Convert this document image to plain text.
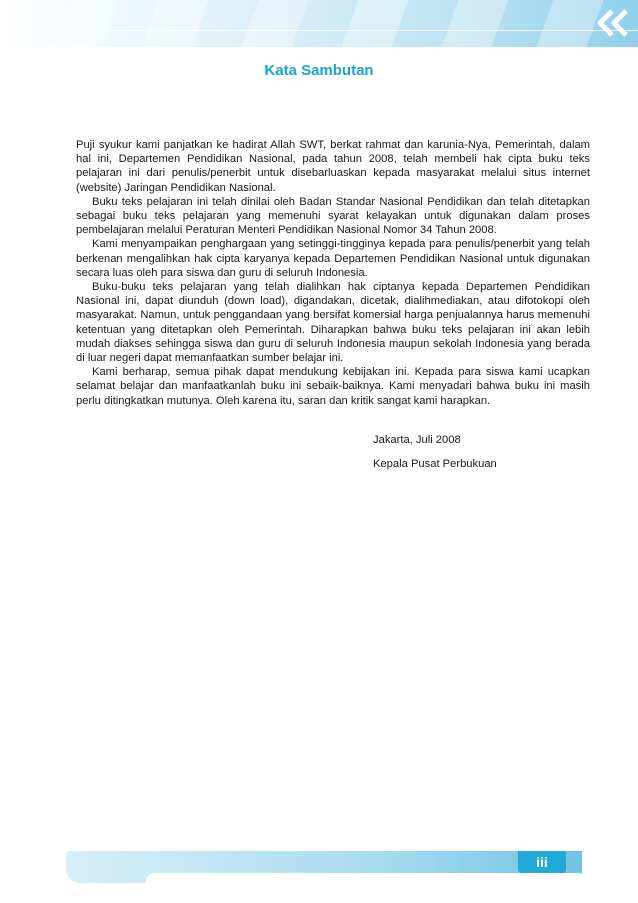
Kata Sambutan

Puji syukur kami panjatkan ke hadirat Allah SWT, berkat rahmat dan karunia-Nya, Pemerintah, dalam hal ini, Departemen Pendidikan Nasional, pada tahun 2008, telah membeli hak cipta buku teks pelajaran ini dari penulis/penerbit untuk disebarluaskan kepada masyarakat melalui situs internet (website) Jaringan Pendidikan Nasional.

Buku teks pelajaran ini telah dinilai oleh Badan Standar Nasional Pendidikan dan telah ditetapkan sebagai buku teks pelajaran yang memenuhi syarat kelayakan untuk digunakan dalam proses pembelajaran melalui Peraturan Menteri Pendidikan Nasional Nomor 34 Tahun 2008.

Kami menyampaikan penghargaan yang setinggi-tingginya kepada para penulis/penerbit yang telah berkenan mengalihkan hak cipta karyanya kepada Departemen Pendidikan Nasional untuk digunakan secara luas oleh para siswa dan guru di seluruh Indonesia.

Buku-buku teks pelajaran yang telah dialihkan hak ciptanya kepada Departemen Pendidikan Nasional ini, dapat diunduh (down load), digandakan, dicetak, dialihmediakan, atau difotokopi oleh masyarakat. Namun, untuk penggandaan yang bersifat komersial harga penjualannya harus memenuhi ketentuan yang ditetapkan oleh Pemerintah. Diharapkan bahwa buku teks pelajaran ini akan lebih mudah diakses sehingga siswa dan guru di seluruh Indonesia maupun sekolah Indonesia yang berada di luar negeri dapat memanfaatkan sumber belajar ini.

Kami berharap, semua pihak dapat mendukung kebijakan ini. Kepada para siswa kami ucapkan selamat belajar dan manfaatkanlah buku ini sebaik-baiknya. Kami menyadari bahwa buku ini masih perlu ditingkatkan mutunya. Oleh karena itu, saran dan kritik sangat kami harapkan.

Jakarta, Juli 2008
Kepala Pusat Perbukuan
iii
